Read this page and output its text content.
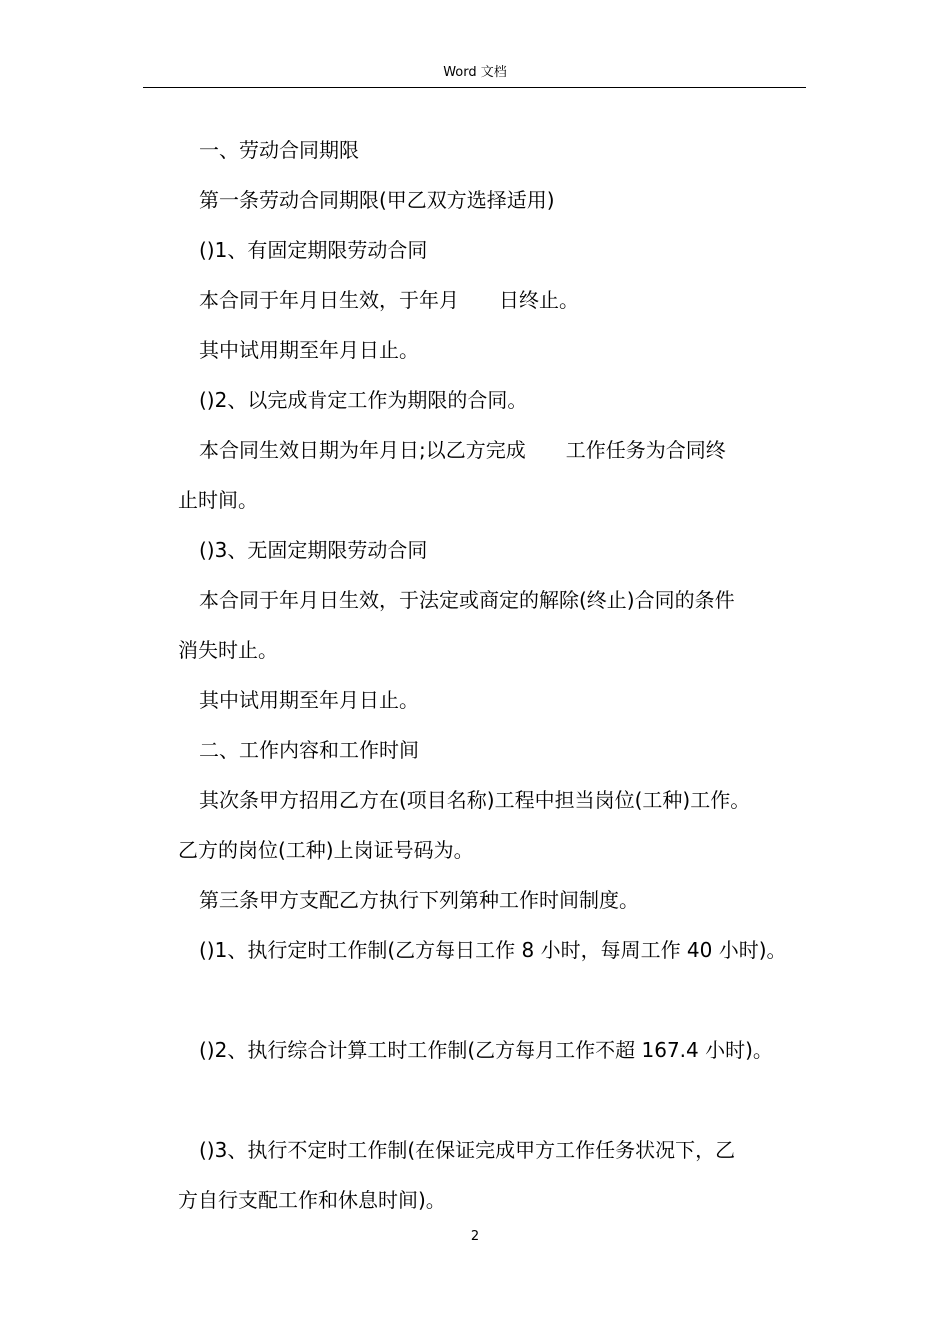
Word 文档
一、劳动合同期限
第一条劳动合同期限(甲乙双方选择适用)
()1、有固定期限劳动合同
本合同于年月日生效，于年月　　日终止。
其中试用期至年月日止。
()2、以完成肯定工作为期限的合同。
本合同生效日期为年月日;以乙方完成　　工作任务为合同终
止时间。
()3、无固定期限劳动合同
本合同于年月日生效，于法定或商定的解除(终止)合同的条件
消失时止。
其中试用期至年月日止。
二、工作内容和工作时间
其次条甲方招用乙方在(项目名称)工程中担当岗位(工种)工作。
乙方的岗位(工种)上岗证号码为。
第三条甲方支配乙方执行下列第种工作时间制度。
()1、执行定时工作制(乙方每日工作 8 小时，每周工作 40 小时)。
()2、执行综合计算工时工作制(乙方每月工作不超 167.4 小时)。
()3、执行不定时工作制(在保证完成甲方工作任务状况下，乙
方自行支配工作和休息时间)。
2
